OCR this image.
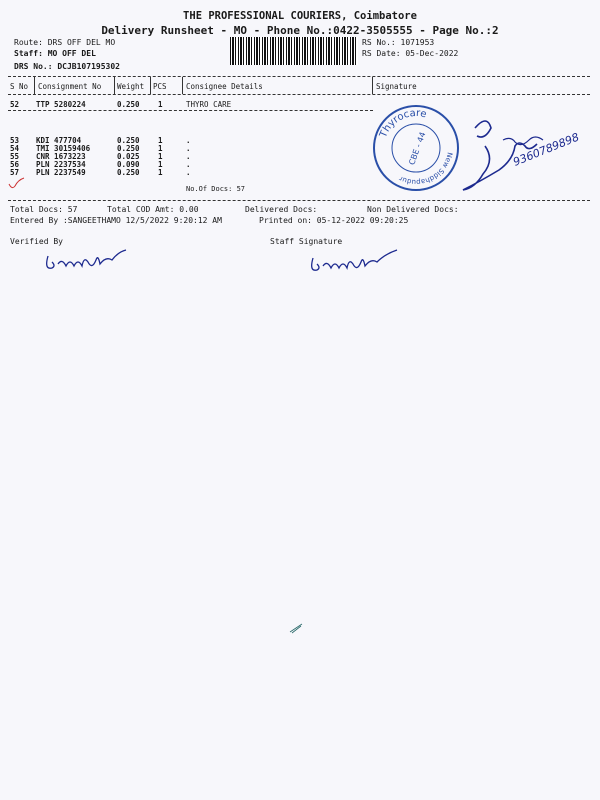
THE PROFESSIONAL COURIERS, Coimbatore
Delivery Runsheet - MO - Phone No.:0422-3505555 - Page No.:2
Route: DRS OFF DEL MO
Staff: MO OFF DEL
DRS No.: DCJB107195302
RS No.: 1071953
RS Date: 05-Dec-2022
S No Consignment No Weight PCS	Consignee Details	Signature
52 TTP 5280224	0.250 1	THYRO CARE
53	KDI 477704	0.250	1	.
54	TMI 30159406	0.250	1	.
55	CNR 1673223	0.025	1	.
56	PLN 2237534	0.090	1	.
57	PLN 2237549	0.250	1	.
No.Of Docs: 57
Thyrocare
New Siddhapudur
CBE - 44	9360789898
Total Docs: 57	Total COD Amt: 0.00	Delivered Docs:	Non Delivered Docs:
Entered By :SANGEETHAMO 12/5/2022 9:20:12 AM	Printed on: 05-12-2022 09:20:25
Verified By	Staff Signature
